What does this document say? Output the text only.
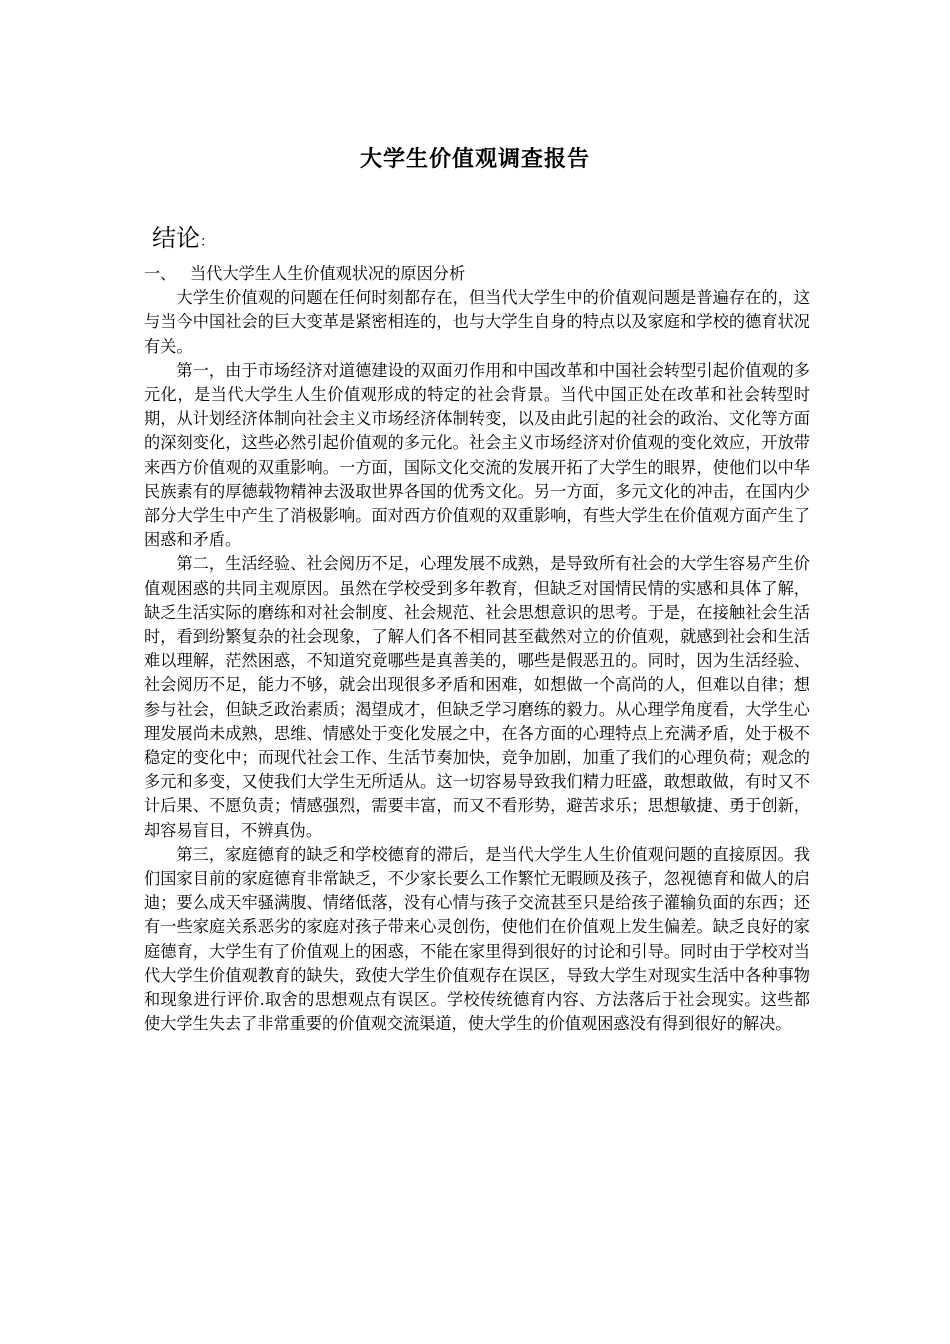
大学生价值观调查报告
结论：

一、 当代大学生人生价值观状况的原因分析

大学生价值观的问题在任何时刻都存在，但当代大学生中的价值观问题是普遍存在的，这与当今中国社会的巨大变革是紧密相连的，也与大学生自身的特点以及家庭和学校的德育状况有关。

第一，由于市场经济对道德建设的双面刃作用和中国改革和中国社会转型引起价值观的多元化，是当代大学生人生价值观形成的特定的社会背景。当代中国正处在改革和社会转型时期，从计划经济体制向社会主义市场经济体制转变，以及由此引起的社会的政治、文化等方面的深刻变化，这些必然引起价值观的多元化。社会主义市场经济对价值观的变化效应，开放带来西方价值观的双重影响。一方面，国际文化交流的发展开拓了大学生的眼界，使他们以中华民族素有的厚德载物精神去汲取世界各国的优秀文化。另一方面，多元文化的冲击，在国内少部分大学生中产生了消极影响。面对西方价值观的双重影响，有些大学生在价值观方面产生了困惑和矛盾。

第二，生活经验、社会阅历不足，心理发展不成熟，是导致所有社会的大学生容易产生价值观困惑的共同主观原因。虽然在学校受到多年教育，但缺乏对国情民情的实感和具体了解，缺乏生活实际的磨练和对社会制度、社会规范、社会思想意识的思考。于是，在接触社会生活时，看到纷繁复杂的社会现象，了解人们各不相同甚至截然对立的价值观，就感到社会和生活难以理解，茫然困惑，不知道究竟哪些是真善美的，哪些是假恶丑的。同时，因为生活经验、社会阅历不足，能力不够，就会出现很多矛盾和困难，如想做一个高尚的人，但难以自律；想参与社会，但缺乏政治素质；渴望成才，但缺乏学习磨练的毅力。从心理学角度看，大学生心理发展尚未成熟，思维、情感处于变化发展之中，在各方面的心理特点上充满矛盾，处于极不稳定的变化中；而现代社会工作、生活节奏加快，竞争加剧，加重了我们的心理负荷；观念的多元和多变，又使我们大学生无所适从。这一切容易导致我们精力旺盛，敢想敢做，有时又不计后果、不愿负责；情感强烈，需要丰富，而又不看形势，避苦求乐；思想敏捷、勇于创新，却容易盲目，不辨真伪。

第三，家庭德育的缺乏和学校德育的滞后，是当代大学生人生价值观问题的直接原因。我们国家目前的家庭德育非常缺乏，不少家长要么工作繁忙无暇顾及孩子，忽视德育和做人的启迪；要么成天牢骚满腹、情绪低落，没有心情与孩子交流甚至只是给孩子灌输负面的东西；还有一些家庭关系恶劣的家庭对孩子带来心灵创伤，使他们在价值观上发生偏差。缺乏良好的家庭德育，大学生有了价值观上的困惑，不能在家里得到很好的讨论和引导。同时由于学校对当代大学生价值观教育的缺失，致使大学生价值观存在误区，导致大学生对现实生活中各种事物和现象进行评价.取舍的思想观点有误区。学校传统德育内容、方法落后于社会现实。这些都使大学生失去了非常重要的价值观交流渠道，使大学生的价值观困惑没有得到很好的解决。
